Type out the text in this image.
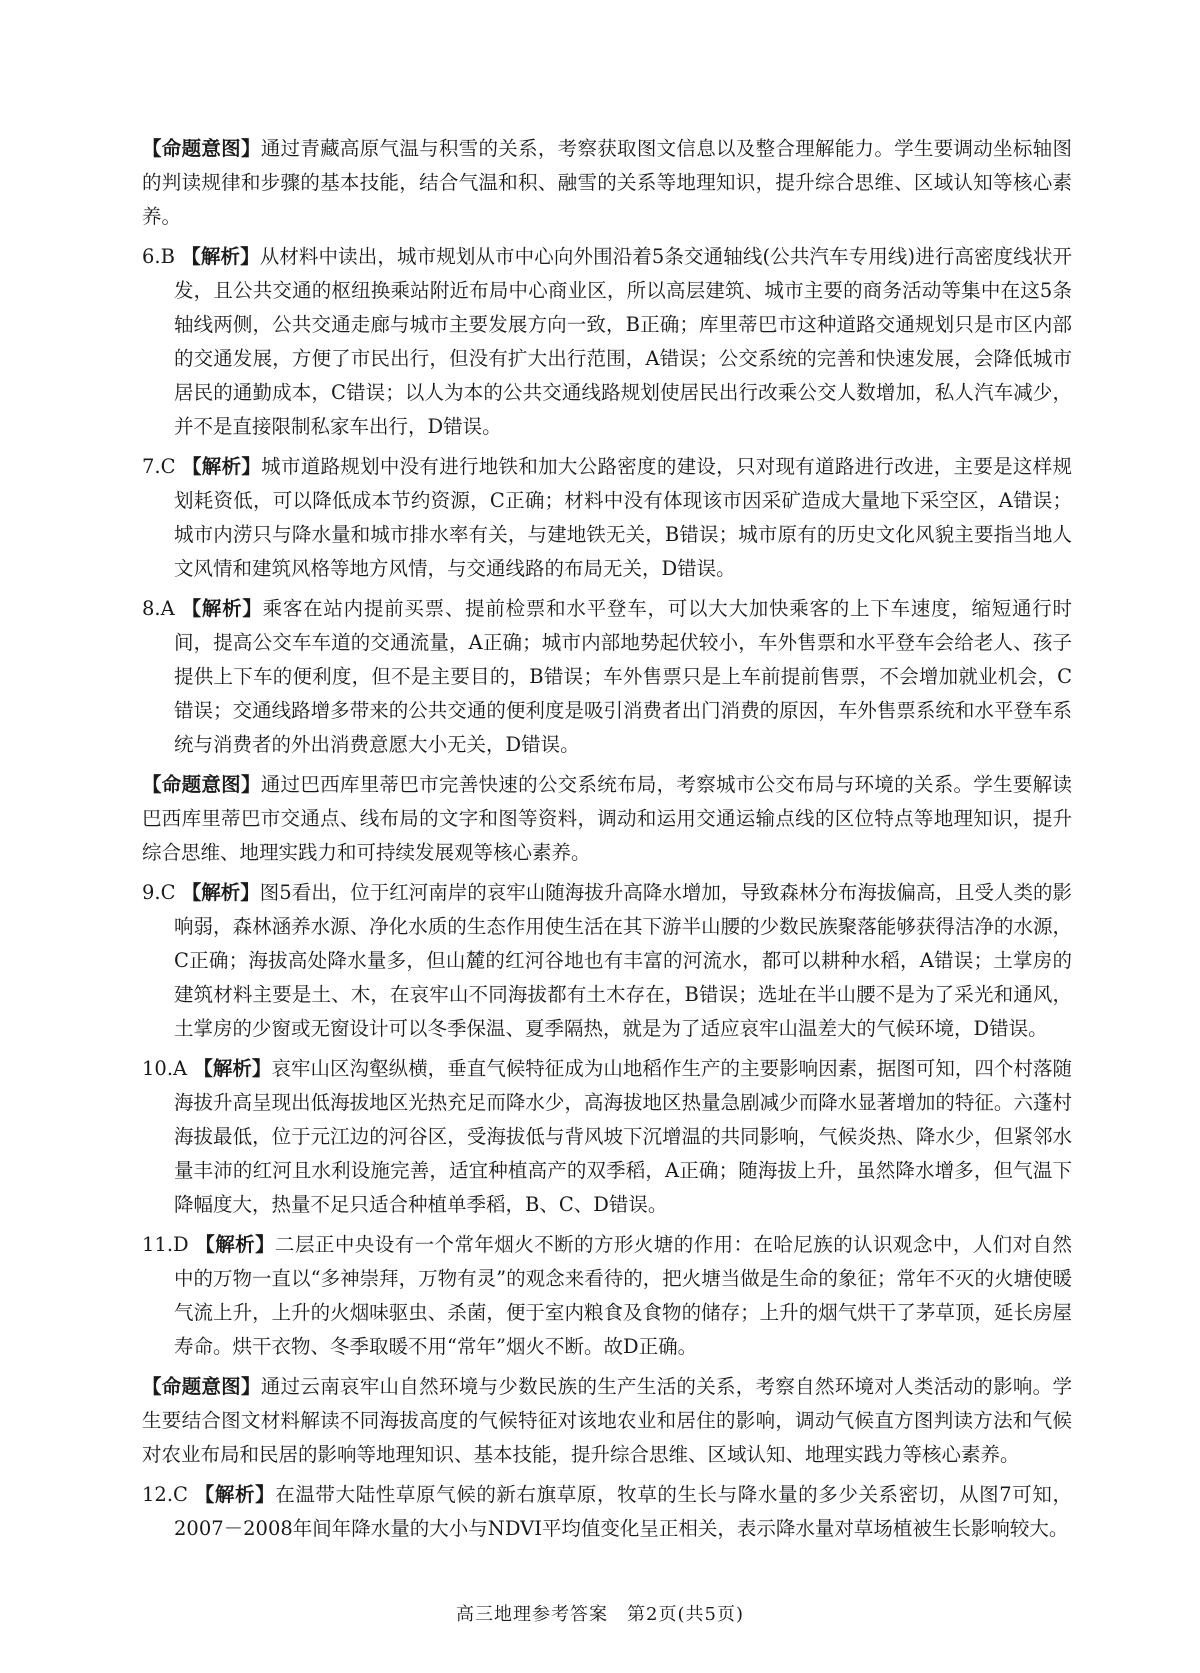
【命题意图】通过青藏高原气温与积雪的关系，考察获取图文信息以及整合理解能力。学生要调动坐标轴图的判读规律和步骤的基本技能，结合气温和积、融雪的关系等地理知识，提升综合思维、区域认知等核心素养。
6.B 【解析】从材料中读出，城市规划从市中心向外围沿着5条交通轴线(公共汽车专用线)进行高密度线状开发，且公共交通的枢纽换乘站附近布局中心商业区，所以高层建筑、城市主要的商务活动等集中在这5条轴线两侧，公共交通走廊与城市主要发展方向一致，B正确；库里蒂巴市这种道路交通规划只是市区内部的交通发展，方便了市民出行，但没有扩大出行范围，A错误；公交系统的完善和快速发展，会降低城市居民的通勤成本，C错误；以人为本的公共交通线路规划使居民出行改乘公交人数增加，私人汽车减少，并不是直接限制私家车出行，D错误。
7.C 【解析】城市道路规划中没有进行地铁和加大公路密度的建设，只对现有道路进行改进，主要是这样规划耗资低，可以降低成本节约资源，C正确；材料中没有体现该市因采矿造成大量地下采空区，A错误；城市内涝只与降水量和城市排水率有关，与建地铁无关，B错误；城市原有的历史文化风貌主要指当地人文风情和建筑风格等地方风情，与交通线路的布局无关，D错误。
8.A 【解析】乘客在站内提前买票、提前检票和水平登车，可以大大加快乘客的上下车速度，缩短通行时间，提高公交车车道的交通流量，A正确；城市内部地势起伏较小，车外售票和水平登车会给老人、孩子提供上下车的便利度，但不是主要目的，B错误；车外售票只是上车前提前售票，不会增加就业机会，C错误；交通线路增多带来的公共交通的便利度是吸引消费者出门消费的原因，车外售票系统和水平登车系统与消费者的外出消费意愿大小无关，D错误。
【命题意图】通过巴西库里蒂巴市完善快速的公交系统布局，考察城市公交布局与环境的关系。学生要解读巴西库里蒂巴市交通点、线布局的文字和图等资料，调动和运用交通运输点线的区位特点等地理知识，提升综合思维、地理实践力和可持续发展观等核心素养。
9.C 【解析】图5看出，位于红河南岸的哀牢山随海拔升高降水增加，导致森林分布海拔偏高，且受人类的影响弱，森林涵养水源、净化水质的生态作用使生活在其下游半山腰的少数民族聚落能够获得洁净的水源，C正确；海拔高处降水量多，但山麓的红河谷地也有丰富的河流水，都可以耕种水稻，A错误；土掌房的建筑材料主要是土、木，在哀牢山不同海拔都有土木存在，B错误；选址在半山腰不是为了采光和通风，土掌房的少窗或无窗设计可以冬季保温、夏季隔热，就是为了适应哀牢山温差大的气候环境，D错误。
10.A 【解析】哀牢山区沟壑纵横，垂直气候特征成为山地稻作生产的主要影响因素，据图可知，四个村落随海拔升高呈现出低海拔地区光热充足而降水少，高海拔地区热量急剧减少而降水显著增加的特征。六蓬村海拔最低，位于元江边的河谷区，受海拔低与背风坡下沉增温的共同影响，气候炎热、降水少，但紧邻水量丰沛的红河且水利设施完善，适宜种植高产的双季稻，A正确；随海拔上升，虽然降水增多，但气温下降幅度大，热量不足只适合种植单季稻，B、C、D错误。
11.D 【解析】二层正中央设有一个常年烟火不断的方形火塘的作用：在哈尼族的认识观念中，人们对自然中的万物一直以“多神崇拜，万物有灵”的观念来看待的，把火塘当做是生命的象征；常年不灭的火塘使暖气流上升，上升的火烟味驱虫、杀菌，便于室内粮食及食物的储存；上升的烟气烘干了茅草顶，延长房屋寿命。烘干衣物、冬季取暖不用“常年”烟火不断。故D正确。
【命题意图】通过云南哀牢山自然环境与少数民族的生产生活的关系，考察自然环境对人类活动的影响。学生要结合图文材料解读不同海拔高度的气候特征对该地农业和居住的影响，调动气候直方图判读方法和气候对农业布局和民居的影响等地理知识、基本技能，提升综合思维、区域认知、地理实践力等核心素养。
12.C 【解析】在温带大陆性草原气候的新右旗草原，牧草的生长与降水量的多少关系密切，从图7可知，2007－2008年间年降水量的大小与NDVI平均值变化呈正相关，表示降水量对草场植被生长影响较大。
高三地理参考答案　第2页(共5页)
